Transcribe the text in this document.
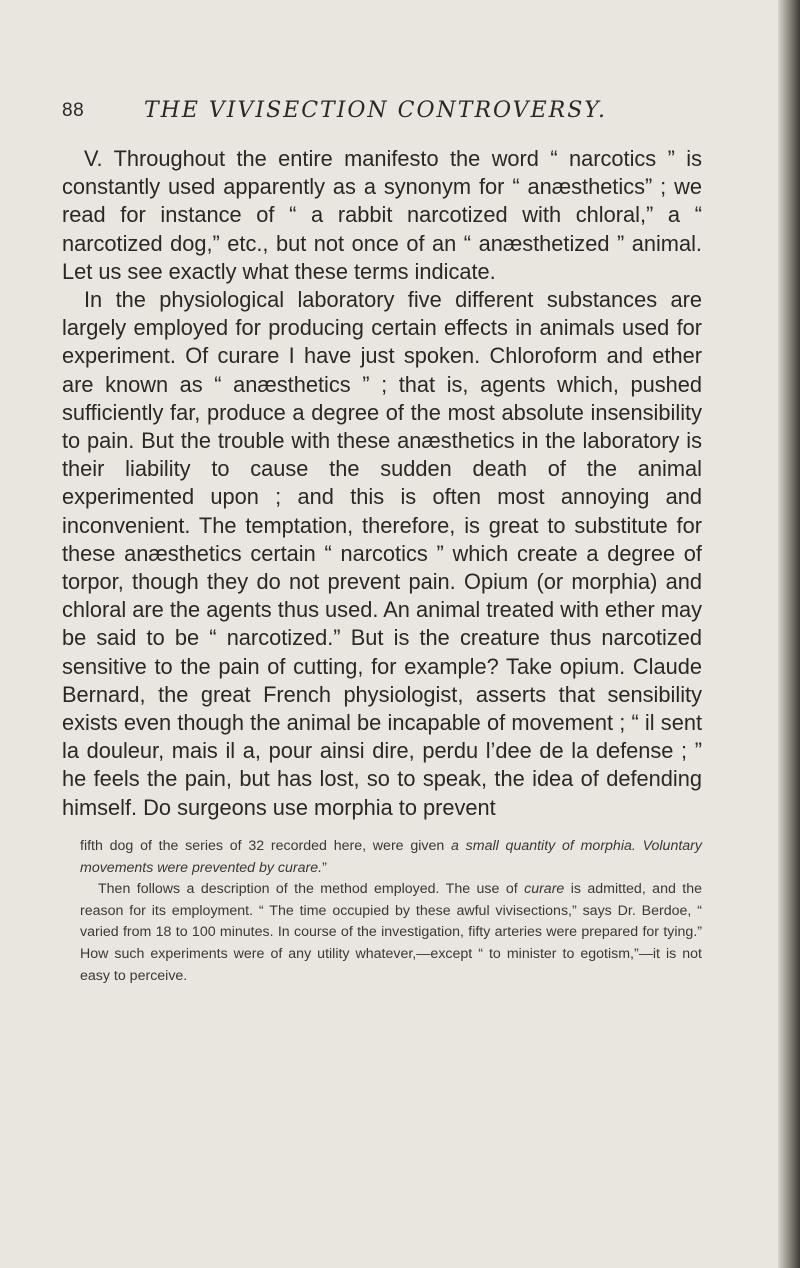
88	THE VIVISECTION CONTROVERSY.

V. Throughout the entire manifesto the word “ narcotics ” is constantly used apparently as a synonym for “ anæsthetics” ; we read for instance of “ a rabbit narcotized with chloral,” a “ narcotized dog,” etc., but not once of an “ anæsthetized ” animal. Let us see exactly what these terms indicate.

In the physiological laboratory five different substances are largely employed for producing certain effects in animals used for experiment. Of curare I have just spoken. Chloroform and ether are known as “ anæsthetics ” ; that is, agents which, pushed sufficiently far, produce a degree of the most absolute insensibility to pain. But the trouble with these anæsthetics in the laboratory is their liability to cause the sudden death of the animal experimented upon ; and this is often most annoying and inconvenient. The temptation, therefore, is great to substitute for these anæsthetics certain “ narcotics ” which create a degree of torpor, though they do not prevent pain. Opium (or morphia) and chloral are the agents thus used. An animal treated with ether may be said to be “ narcotized.” But is the creature thus narcotized sensitive to the pain of cutting, for example? Take opium. Claude Bernard, the great French physiologist, asserts that sensibility exists even though the animal be incapable of movement ; “ il sent la douleur, mais il a, pour ainsi dire, perdu l’dee de la defense ; ” he feels the pain, but has lost, so to speak, the idea of defending himself. Do surgeons use morphia to prevent

fifth dog of the series of 32 recorded here, were given a small quantity of morphia. Voluntary movements were prevented by curare.”

Then follows a description of the method employed. The use of curare is admitted, and the reason for its employment. “ The time occupied by these awful vivisections,” says Dr. Berdoe, “ varied from 18 to 100 minutes. In course of the investigation, fifty arteries were prepared for tying.” How such experiments were of any utility whatever,—except “ to minister to egotism,”—it is not easy to perceive.
